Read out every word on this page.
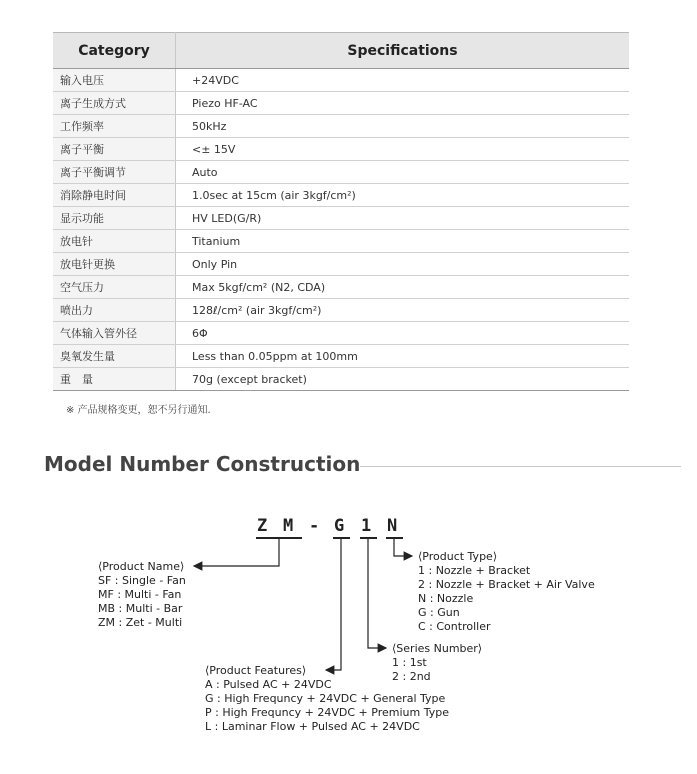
Category	Specifications
输入电压	+24VDC
离子生成方式	Piezo HF-AC
工作频率	50kHz
离子平衡	<± 15V
离子平衡调节	Auto
消除静电时间	1.0sec at 15cm (air 3kgf/cm²)
显示功能	HV LED(G/R)
放电针	Titanium
放电针更换	Only Pin
空气压力	Max 5kgf/cm² (N2, CDA)
喷出力	128ℓ/cm² (air 3kgf/cm²)
气体输入管外径	6Φ
臭氧发生量	Less than 0.05ppm at 100mm
重　量	70g (except bracket)
※ 产品规格变更，恕不另行通知.
Model Number Construction
Z M - G 1 N
⟨Product Name⟩
SF : Single - Fan
MF : Multi - Fan
MB : Multi - Bar
ZM : Zet - Multi
⟨Product Type⟩
1 : Nozzle + Bracket
2 : Nozzle + Bracket + Air Valve
N : Nozzle
G : Gun
C : Controller
⟨Series Number⟩
1 : 1st
2 : 2nd
⟨Product Features⟩
A : Pulsed AC + 24VDC
G : High Frequncy + 24VDC + General Type
P : High Frequncy + 24VDC + Premium Type
L : Laminar Flow + Pulsed AC + 24VDC
